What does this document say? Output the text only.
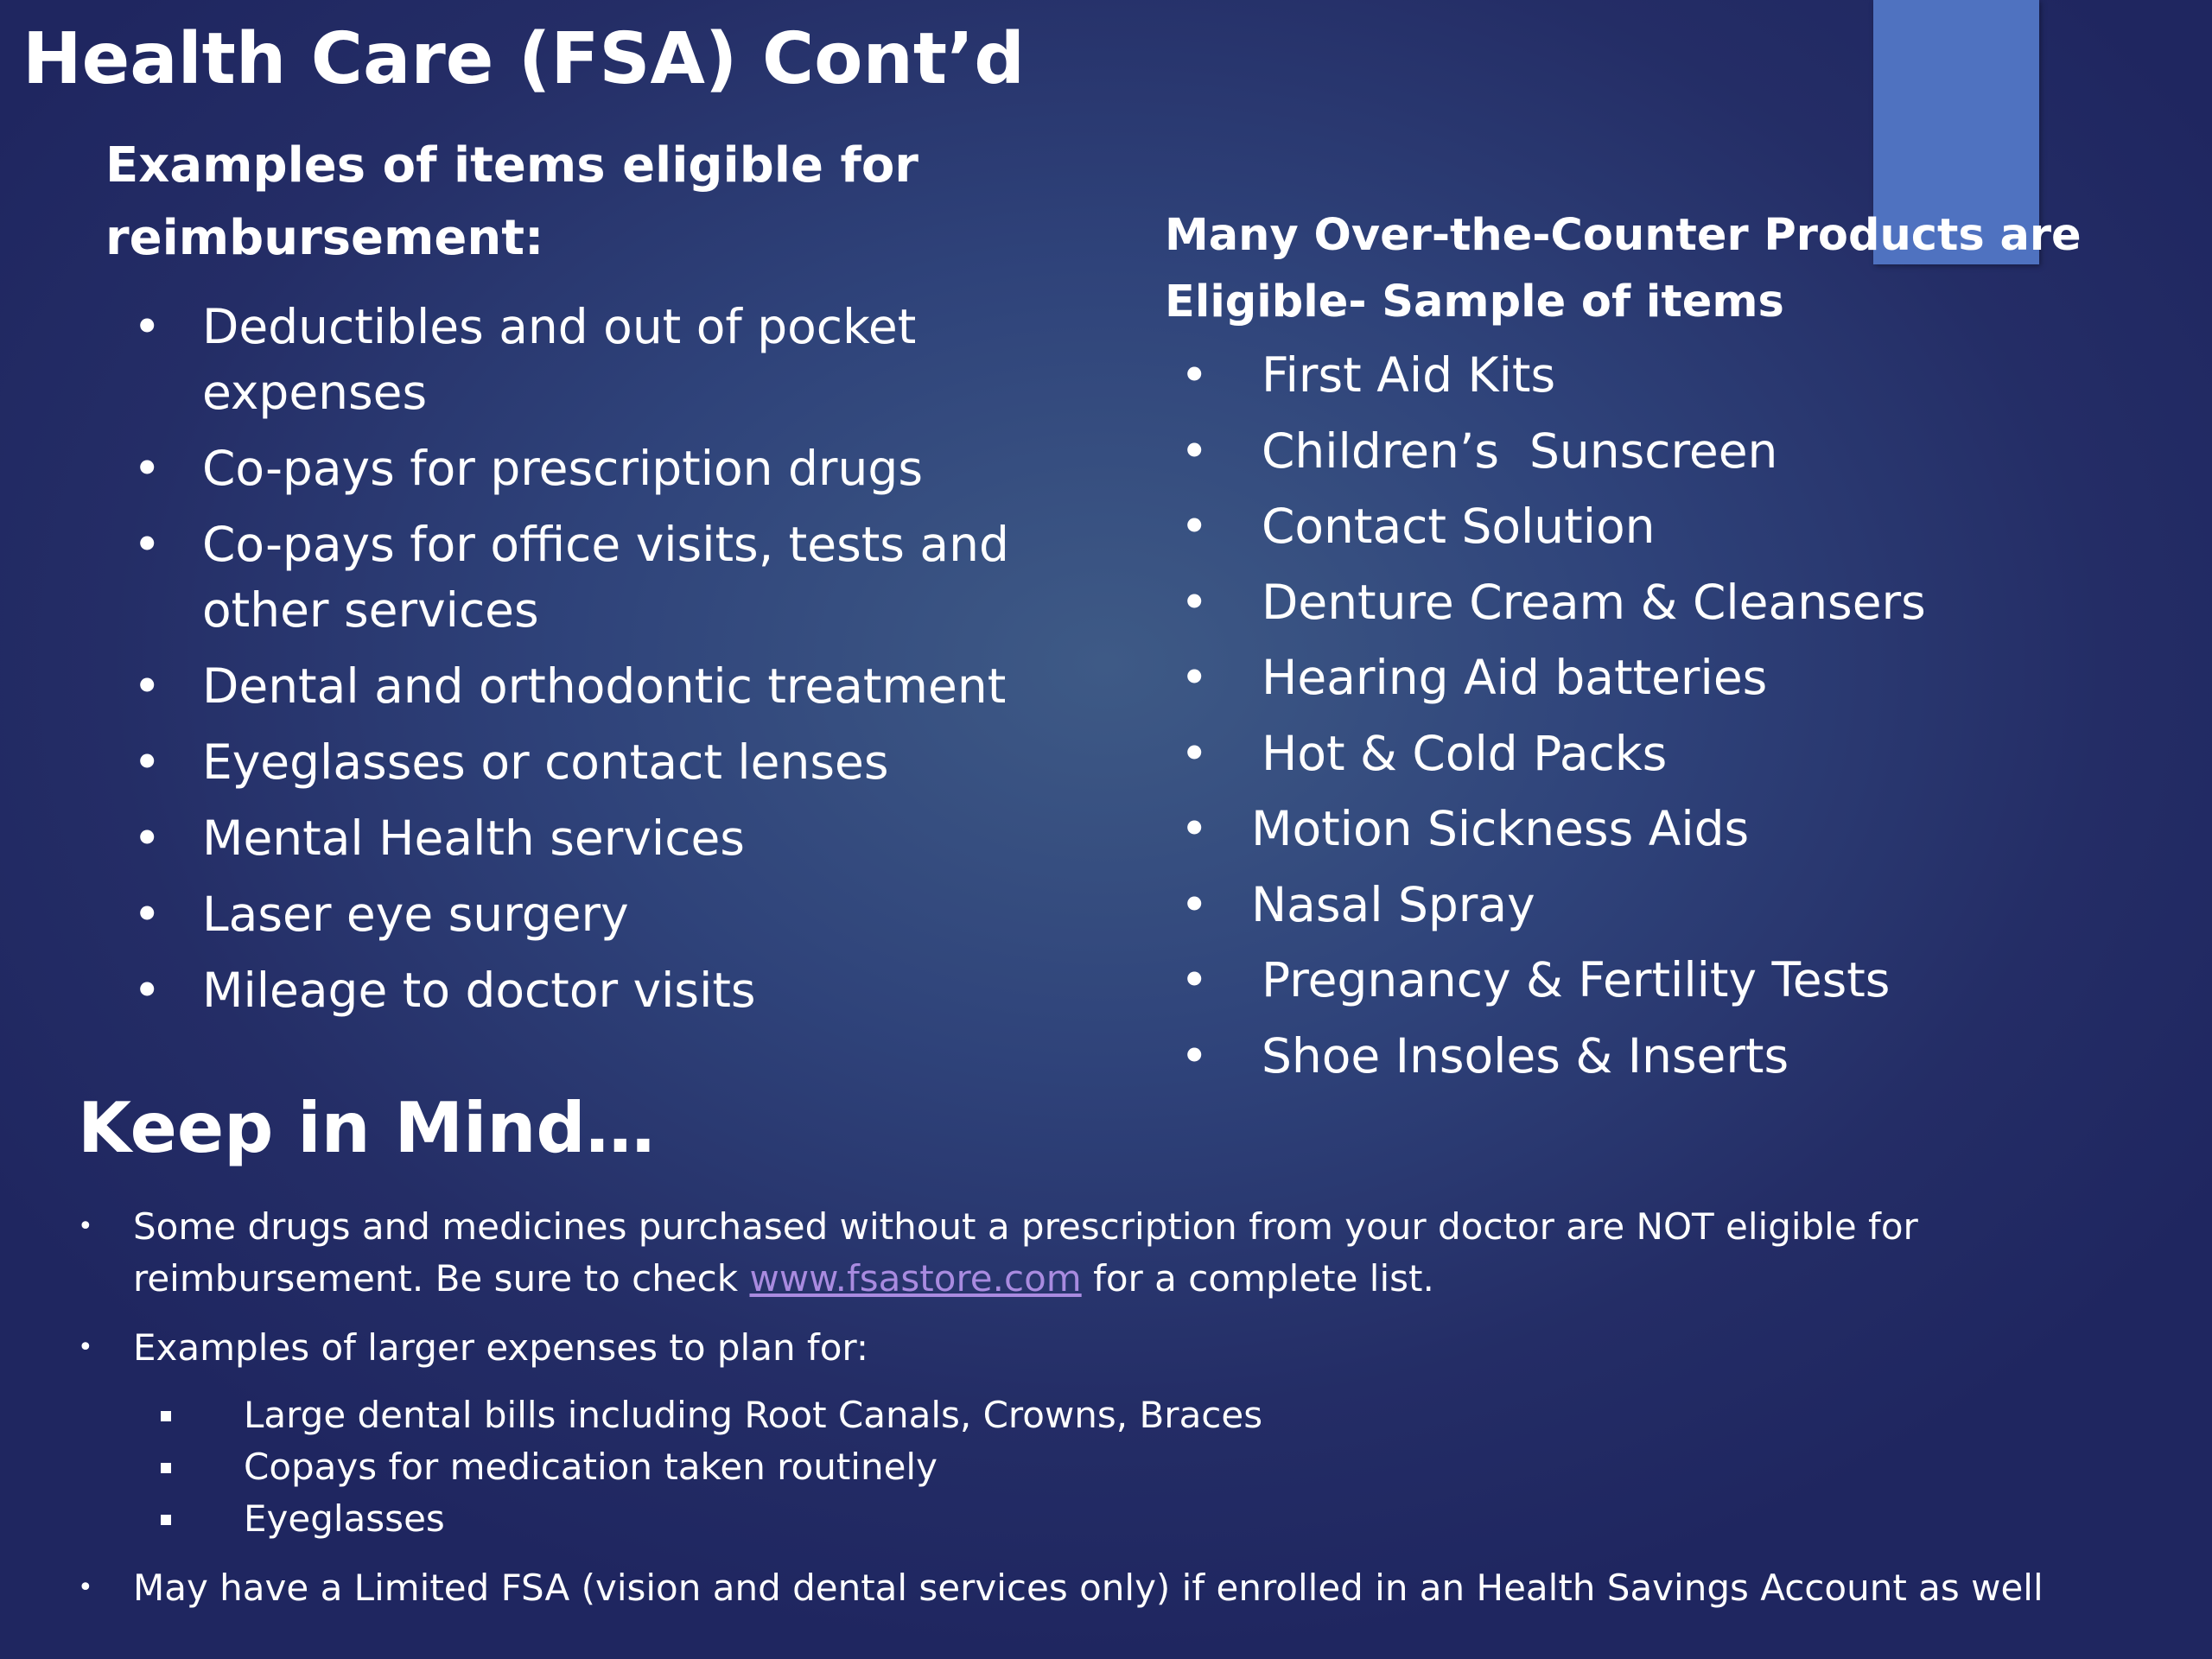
Health Care (FSA) Cont’d
Examples of items eligible for reimbursement:
• Deductibles and out of pocket expenses
• Co-pays for prescription drugs
• Co-pays for office visits, tests and other services
• Dental and orthodontic treatment
• Eyeglasses or contact lenses
• Mental Health services
• Laser eye surgery
• Mileage to doctor visits
Many Over-the-Counter Products are Eligible- Sample of items
• First Aid Kits
• Children’s  Sunscreen
• Contact Solution
• Denture Cream & Cleansers
• Hearing Aid batteries
• Hot & Cold Packs
• Motion Sickness Aids
• Nasal Spray
• Pregnancy & Fertility Tests
• Shoe Insoles & Inserts
Keep in Mind…
• Some drugs and medicines purchased without a prescription from your doctor are NOT eligible for reimbursement. Be sure to check www.fsastore.com for a complete list.
• Examples of larger expenses to plan for:
Large dental bills including Root Canals, Crowns, Braces
Copays for medication taken routinely
Eyeglasses
• May have a Limited FSA (vision and dental services only) if enrolled in an Health Savings Account as well
